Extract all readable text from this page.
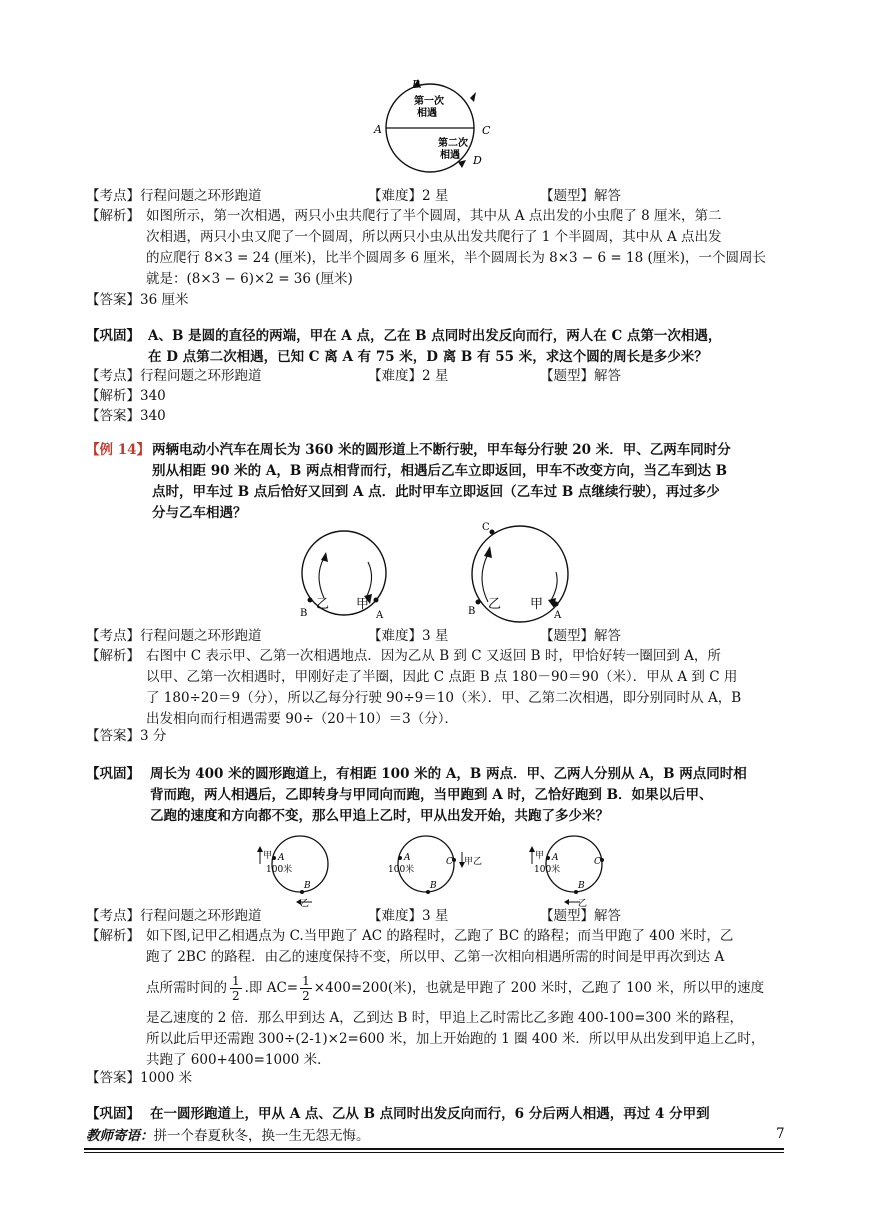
B
A	C
D
第一次
相遇
第二次
相遇
【考点】行程问题之环形跑道	【难度】2 星	【题型】解答
【解析】 如图所示，第一次相遇，两只小虫共爬行了半个圆周，其中从 A 点出发的小虫爬了 8 厘米，第二
次相遇，两只小虫又爬了一个圆周，所以两只小虫从出发共爬行了 1 个半圆周，其中从 A 点出发
的应爬行 8×3 = 24 (厘米)，比半个圆周多 6 厘米，半个圆周长为 8×3 − 6 = 18 (厘米)，一个圆周长
就是：(8×3 − 6)×2 = 36 (厘米)
【答案】36 厘米
【巩固】 A、B 是圆的直径的两端，甲在 A 点，乙在 B 点同时出发反向而行，两人在 C 点第一次相遇，
在 D 点第二次相遇，已知 C 离 A 有 75 米，D 离 B 有 55 米，求这个圆的周长是多少米？
【考点】行程问题之环形跑道	【难度】2 星	【题型】解答
【解析】340
【答案】340
【例 14】 两辆电动小汽车在周长为 360 米的圆形道上不断行驶，甲车每分行驶 20 米．甲、乙两车同时分
别从相距 90 米的 A，B 两点相背而行，相遇后乙车立即返回，甲车不改变方向，当乙车到达 B
点时，甲车过 B 点后恰好又回到 A 点．此时甲车立即返回（乙车过 B 点继续行驶），再过多少
分与乙车相遇？
乙 甲
B	A
C
乙 甲
B	A
【考点】行程问题之环形跑道	【难度】3 星	【题型】解答
【解析】 右图中 C 表示甲、乙第一次相遇地点．因为乙从 B 到 C 又返回 B 时，甲恰好转一圈回到 A，所
以甲、乙第一次相遇时，甲刚好走了半圈，因此 C 点距 B 点 180－90＝90（米）．甲从 A 到 C 用
了 180÷20＝9（分），所以乙每分行驶 90÷9＝10（米）．甲、乙第二次相遇，即分别同时从 A，B
出发相向而行相遇需要 90÷（20＋10）＝3（分）．
【答案】3 分
【巩固】 周长为 400 米的圆形跑道上，有相距 100 米的 A，B 两点．甲、乙两人分别从 A，B 两点同时相
背而跑，两人相遇后，乙即转身与甲同向而跑，当甲跑到 A 时，乙恰好跑到 B．如果以后甲、
乙跑的速度和方向都不变，那么甲追上乙时，甲从出发开始，共跑了多少米？
甲 A
100米
B
乙
A
100米
C 甲乙
B
甲 A
100米
C
B
乙
【考点】行程问题之环形跑道	【难度】3 星	【题型】解答
【解析】 如下图,记甲乙相遇点为 C.当甲跑了 AC 的路程时，乙跑了 BC 的路程；而当甲跑了 400 米时，乙
跑了 2BC 的路程．由乙的速度保持不变，所以甲、乙第一次相向相遇所需的时间是甲再次到达 A
点所需时间的 $\frac{1}{2}$ .即 $AC= \frac{1}{2} \times 400=200$(米)，也就是甲跑了 200 米时，乙跑了 100 米，所以甲的速度
是乙速度的 2 倍．那么甲到达 A，乙到达 B 时，甲追上乙时需比乙多跑 400-100=300 米的路程，
所以此后甲还需跑 300÷(2-1)×2=600 米，加上开始跑的 1 圈 400 米．所以甲从出发到甲追上乙时，
共跑了 600+400=1000 米．
【答案】1000 米
【巩固】 在一圆形跑道上，甲从 A 点、乙从 B 点同时出发反向而行，6 分后两人相遇，再过 4 分甲到
教师寄语：拼一个春夏秋冬，换一生无怨无悔。	7
